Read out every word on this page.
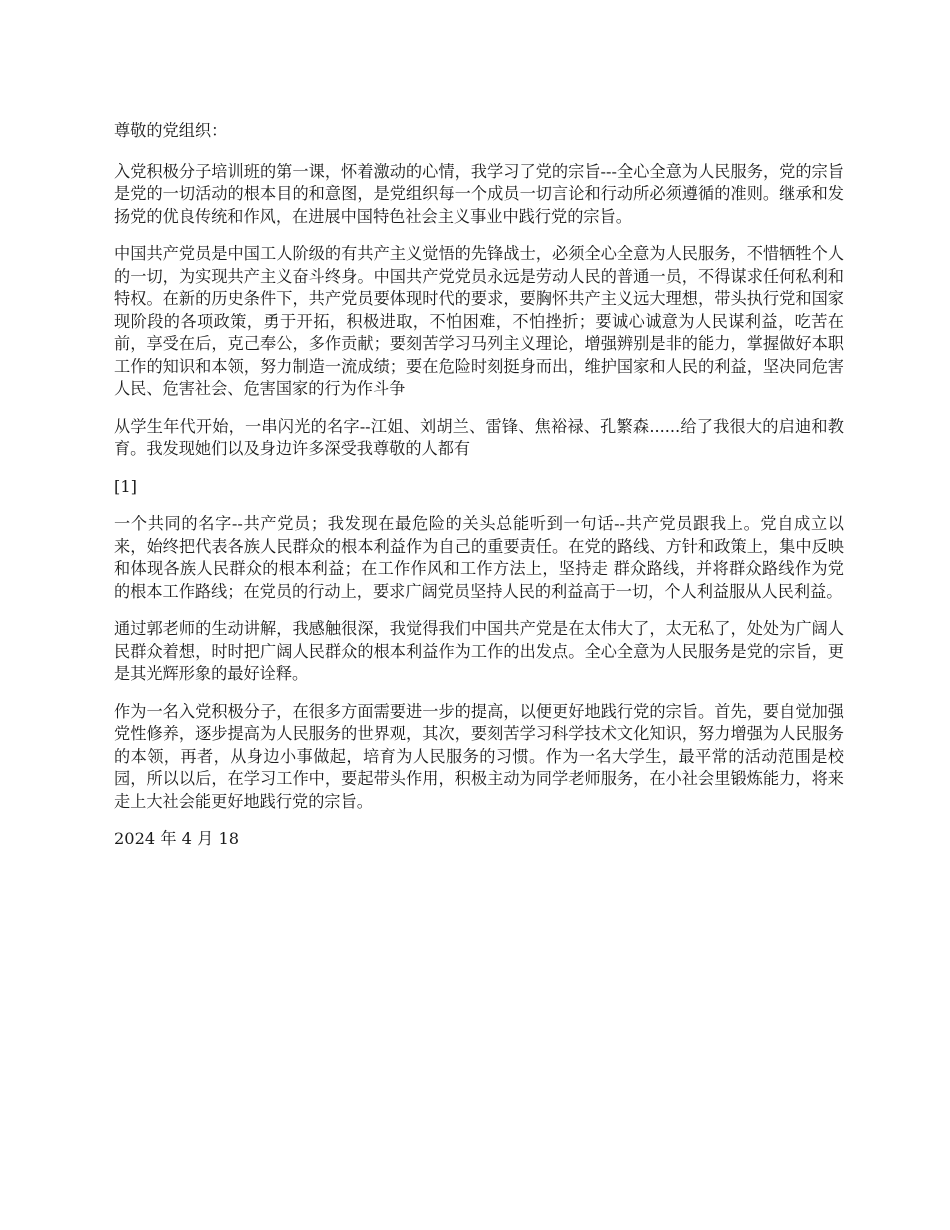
尊敬的党组织：

入党积极分子培训班的第一课，怀着激动的心情，我学习了党的宗旨---全心全意为人民服务，党的宗旨是党的一切活动的根本目的和意图，是党组织每一个成员一切言论和行动所必须遵循的准则。继承和发扬党的优良传统和作风，在进展中国特色社会主义事业中践行党的宗旨。

中国共产党员是中国工人阶级的有共产主义觉悟的先锋战士，必须全心全意为人民服务，不惜牺牲个人的一切，为实现共产主义奋斗终身。中国共产党党员永远是劳动人民的普通一员，不得谋求任何私利和特权。在新的历史条件下，共产党员要体现时代的要求，要胸怀共产主义远大理想，带头执行党和国家现阶段的各项政策，勇于开拓，积极进取，不怕困难，不怕挫折；要诚心诚意为人民谋利益，吃苦在前，享受在后，克己奉公，多作贡献；要刻苦学习马列主义理论，增强辨别是非的能力，掌握做好本职工作的知识和本领，努力制造一流成绩；要在危险时刻挺身而出，维护国家和人民的利益，坚决同危害人民、危害社会、危害国家的行为作斗争

从学生年代开始，一串闪光的名字--江姐、刘胡兰、雷锋、焦裕禄、孔繁森......给了我很大的启迪和教育。我发现她们以及身边许多深受我尊敬的人都有

[1]

一个共同的名字--共产党员；我发现在最危险的关头总能听到一句话--共产党员跟我上。党自成立以来，始终把代表各族人民群众的根本利益作为自己的重要责任。在党的路线、方针和政策上，集中反映和体现各族人民群众的根本利益；在工作作风和工作方法上，坚持走 群众路线，并将群众路线作为党的根本工作路线；在党员的行动上，要求广阔党员坚持人民的利益高于一切，个人利益服从人民利益。

通过郭老师的生动讲解，我感触很深，我觉得我们中国共产党是在太伟大了，太无私了，处处为广阔人民群众着想，时时把广阔人民群众的根本利益作为工作的出发点。全心全意为人民服务是党的宗旨，更是其光辉形象的最好诠释。

作为一名入党积极分子，在很多方面需要进一步的提高，以便更好地践行党的宗旨。首先，要自觉加强党性修养，逐步提高为人民服务的世界观，其次，要刻苦学习科学技术文化知识，努力增强为人民服务的本领，再者，从身边小事做起，培育为人民服务的习惯。作为一名大学生，最平常的活动范围是校园，所以以后，在学习工作中，要起带头作用，积极主动为同学老师服务，在小社会里锻炼能力，将来走上大社会能更好地践行党的宗旨。

2024 年 4 月 18
